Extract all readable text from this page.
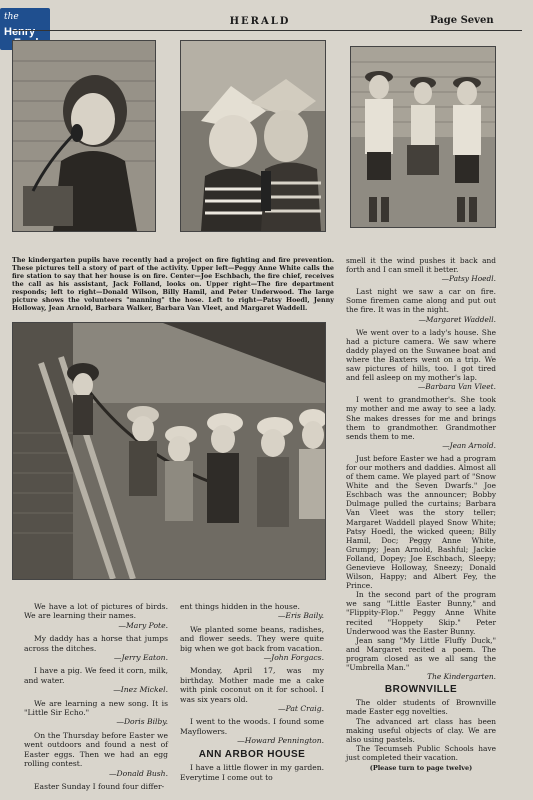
the
Henry
HERALD	Page Seven
The kindergarten pupils have recently had a project on fire fighting and fire prevention. These pictures tell a story of part of the activity. Upper left—Peggy Anne White calls the fire station to say that her house is on fire. Center—Joe Eschbach, the fire chief, receives the call as his assistant, Jack Folland, looks on. Upper right—The fire department responds; left to right—Donald Wilson, Billy Hamil, and Peter Underwood. The large picture shows the volunteers "manning" the hose. Left to right—Patsy Hoedl, Jenny Holloway, Jean Arnold, Barbara Walker, Barbara Van Vleet, and Margaret Waddell.

We have a lot of pictures of birds. We are learning their names.

—Mary Pote.

My daddy has a horse that jumps across the ditches.

—Jerry Eaton.

I have a pig. We feed it corn, milk, and water.

—Inez Mickel.

We are learning a new song. It is "Little Sir Echo."

—Doris Bilby.

On the Thursday before Easter we went outdoors and found a nest of Easter eggs. Then we had an egg rolling contest.

—Donald Bush.

Easter Sunday I found four differ-

ent things hidden in the house.

—Eris Baily.

We planted some beans, radishes, and flower seeds. They were quite big when we got back from vacation.

—John Forgacs.

Monday, April 17, was my birthday. Mother made me a cake with pink coconut on it for school. I was six years old.

—Pat Craig.

I went to the woods. I found some Mayflowers.

—Howard Pennington.

ANN ARBOR HOUSE

I have a little flower in my garden. Everytime I come out to

smell it the wind pushes it back and forth and I can smell it better.

—Patsy Hoedl.

Last night we saw a car on fire. Some firemen came along and put out the fire. It was in the night.

—Margaret Waddell.

We went over to a lady's house. She had a picture camera. We saw where daddy played on the Suwanee boat and where the Baxters went on a trip. We saw pictures of hills, too. I got tired and fell asleep on my mother's lap.

—Barbara Van Vleet.

I went to grandmother's. She took my mother and me away to see a lady. She makes dresses for me and brings them to grandmother. Grandmother sends them to me.

—Jean Arnold.

Just before Easter we had a program for our mothers and daddies. Almost all of them came. We played part of "Snow White and the Seven Dwarfs." Joe Eschbach was the announcer; Bobby Dulmage pulled the curtains; Barbara Van Vleet was the story teller; Margaret Waddell played Snow White; Patsy Hoedl, the wicked queen; Billy Hamil, Doc; Peggy Anne White, Grumpy; Jean Arnold, Bashful; Jackie Folland, Dopey; Joe Eschbach, Sleepy; Genevieve Holloway, Sneezy; Donald Wilson, Happy; and Albert Fey, the Prince.

In the second part of the program we sang "Little Easter Bunny," and "Flippity-Flop." Peggy Anne White recited "Hoppety Skip." Peter Underwood was the Easter Bunny.

Jean sang "My Little Fluffy Duck," and Margaret recited a poem. The program closed as we all sang the "Umbrella Man."

The Kindergarten.

BROWNVILLE

The older students of Brownville made Easter egg novelties.

The advanced art class has been making useful objects of clay. We are also using pastels.

The Tecumseh Public Schools have just completed their vacation.

(Please turn to page twelve)
